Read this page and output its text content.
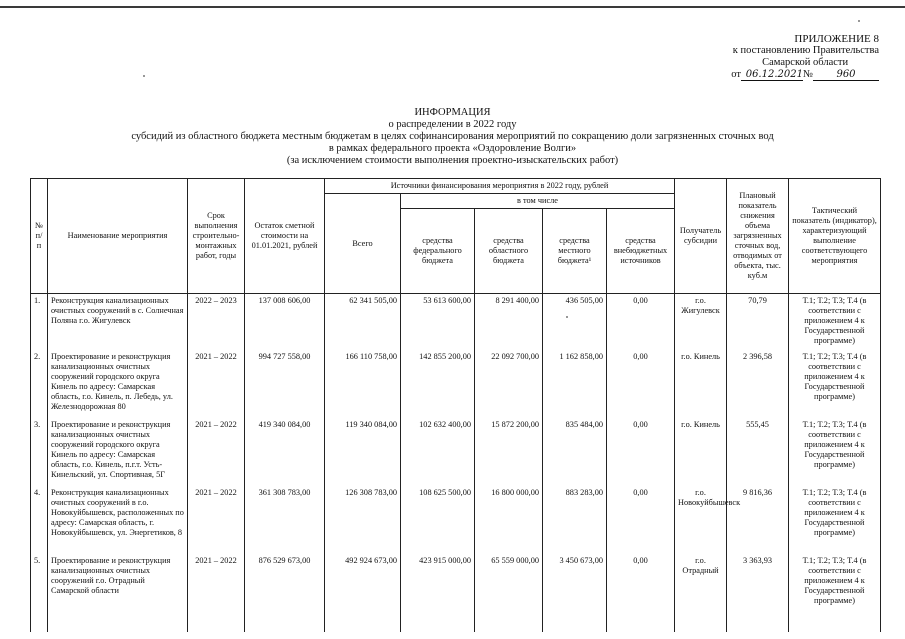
ПРИЛОЖЕНИЕ 8
к постановлению Правительства
Самарской области
от 06.12.2021№ 960
ИНФОРМАЦИЯ
о распределении в 2022 году
субсидий из областного бюджета местным бюджетам в целях софинансирования мероприятий по сокращению доли загрязненных сточных вод
в рамках федерального проекта «Оздоровление Волги»
(за исключением стоимости выполнения проектно-изыскательских работ)
№ п/п	Наименование мероприятия	Срок выполнения строительно-монтажных работ, годы	Остаток сметной стоимости на 01.01.2021, рублей	Источники финансирования мероприятия в 2022 году, рублей					Получатель субсидии	Плановый показатель снижения объема загрязненных сточных вод, отводимых от объекта, тыс. куб.м	Тактический показатель (индикатор), характеризующий выполнение соответствующего мероприятия
				Всего	в том числе						
					средства федерального бюджета	средства областного бюджета	средства местного бюджета¹	средства внебюджетных источников			
1.	Реконструкция канализационных очистных сооружений в с. Солнечная Поляна г.о. Жигулевск	2022 – 2023	137 008 606,00	62 341 505,00	53 613 600,00	8 291 400,00	436 505,00	0,00	г.о. Жигулевск	70,79	Т.1; Т.2; Т.3; Т.4 (в соответствии с приложением 4 к Государственной программе)
2.	Проектирование и реконструкция канализационных очистных сооружений городского округа Кинель по адресу: Самарская область, г.о. Кинель, п. Лебедь, ул. Железнодорожная 80	2021 – 2022	994 727 558,00	166 110 758,00	142 855 200,00	22 092 700,00	1 162 858,00	0,00	г.о. Кинель	2 396,58	Т.1; Т.2; Т.3; Т.4 (в соответствии с приложением 4 к Государственной программе)
3.	Проектирование и реконструкция канализационных очистных сооружений городского округа Кинель по адресу: Самарская область, г.о. Кинель, п.г.т. Усть-Кинельский, ул. Спортивная, 5Г	2021 – 2022	419 340 084,00	119 340 084,00	102 632 400,00	15 872 200,00	835 484,00	0,00	г.о. Кинель	555,45	Т.1; Т.2; Т.3; Т.4 (в соответствии с приложением 4 к Государственной программе)
4.	Реконструкция канализационных очистных сооружений в г.о. Новокуйбышевск, расположенных по адресу: Самарская область, г. Новокуйбышевск, ул. Энергетиков, 8	2021 – 2022	361 308 783,00	126 308 783,00	108 625 500,00	16 800 000,00	883 283,00	0,00	г.о. Новокуйбышевск	9 816,36	Т.1; Т.2; Т.3; Т.4 (в соответствии с приложением 4 к Государственной программе)
5.	Проектирование и реконструкция канализационных очистных сооружений г.о. Отрадный Самарской области	2021 – 2022	876 529 673,00	492 924 673,00	423 915 000,00	65 559 000,00	3 450 673,00	0,00	г.о. Отрадный	3 363,93	Т.1; Т.2; Т.3; Т.4 (в соответствии с приложением 4 к Государственной программе)
